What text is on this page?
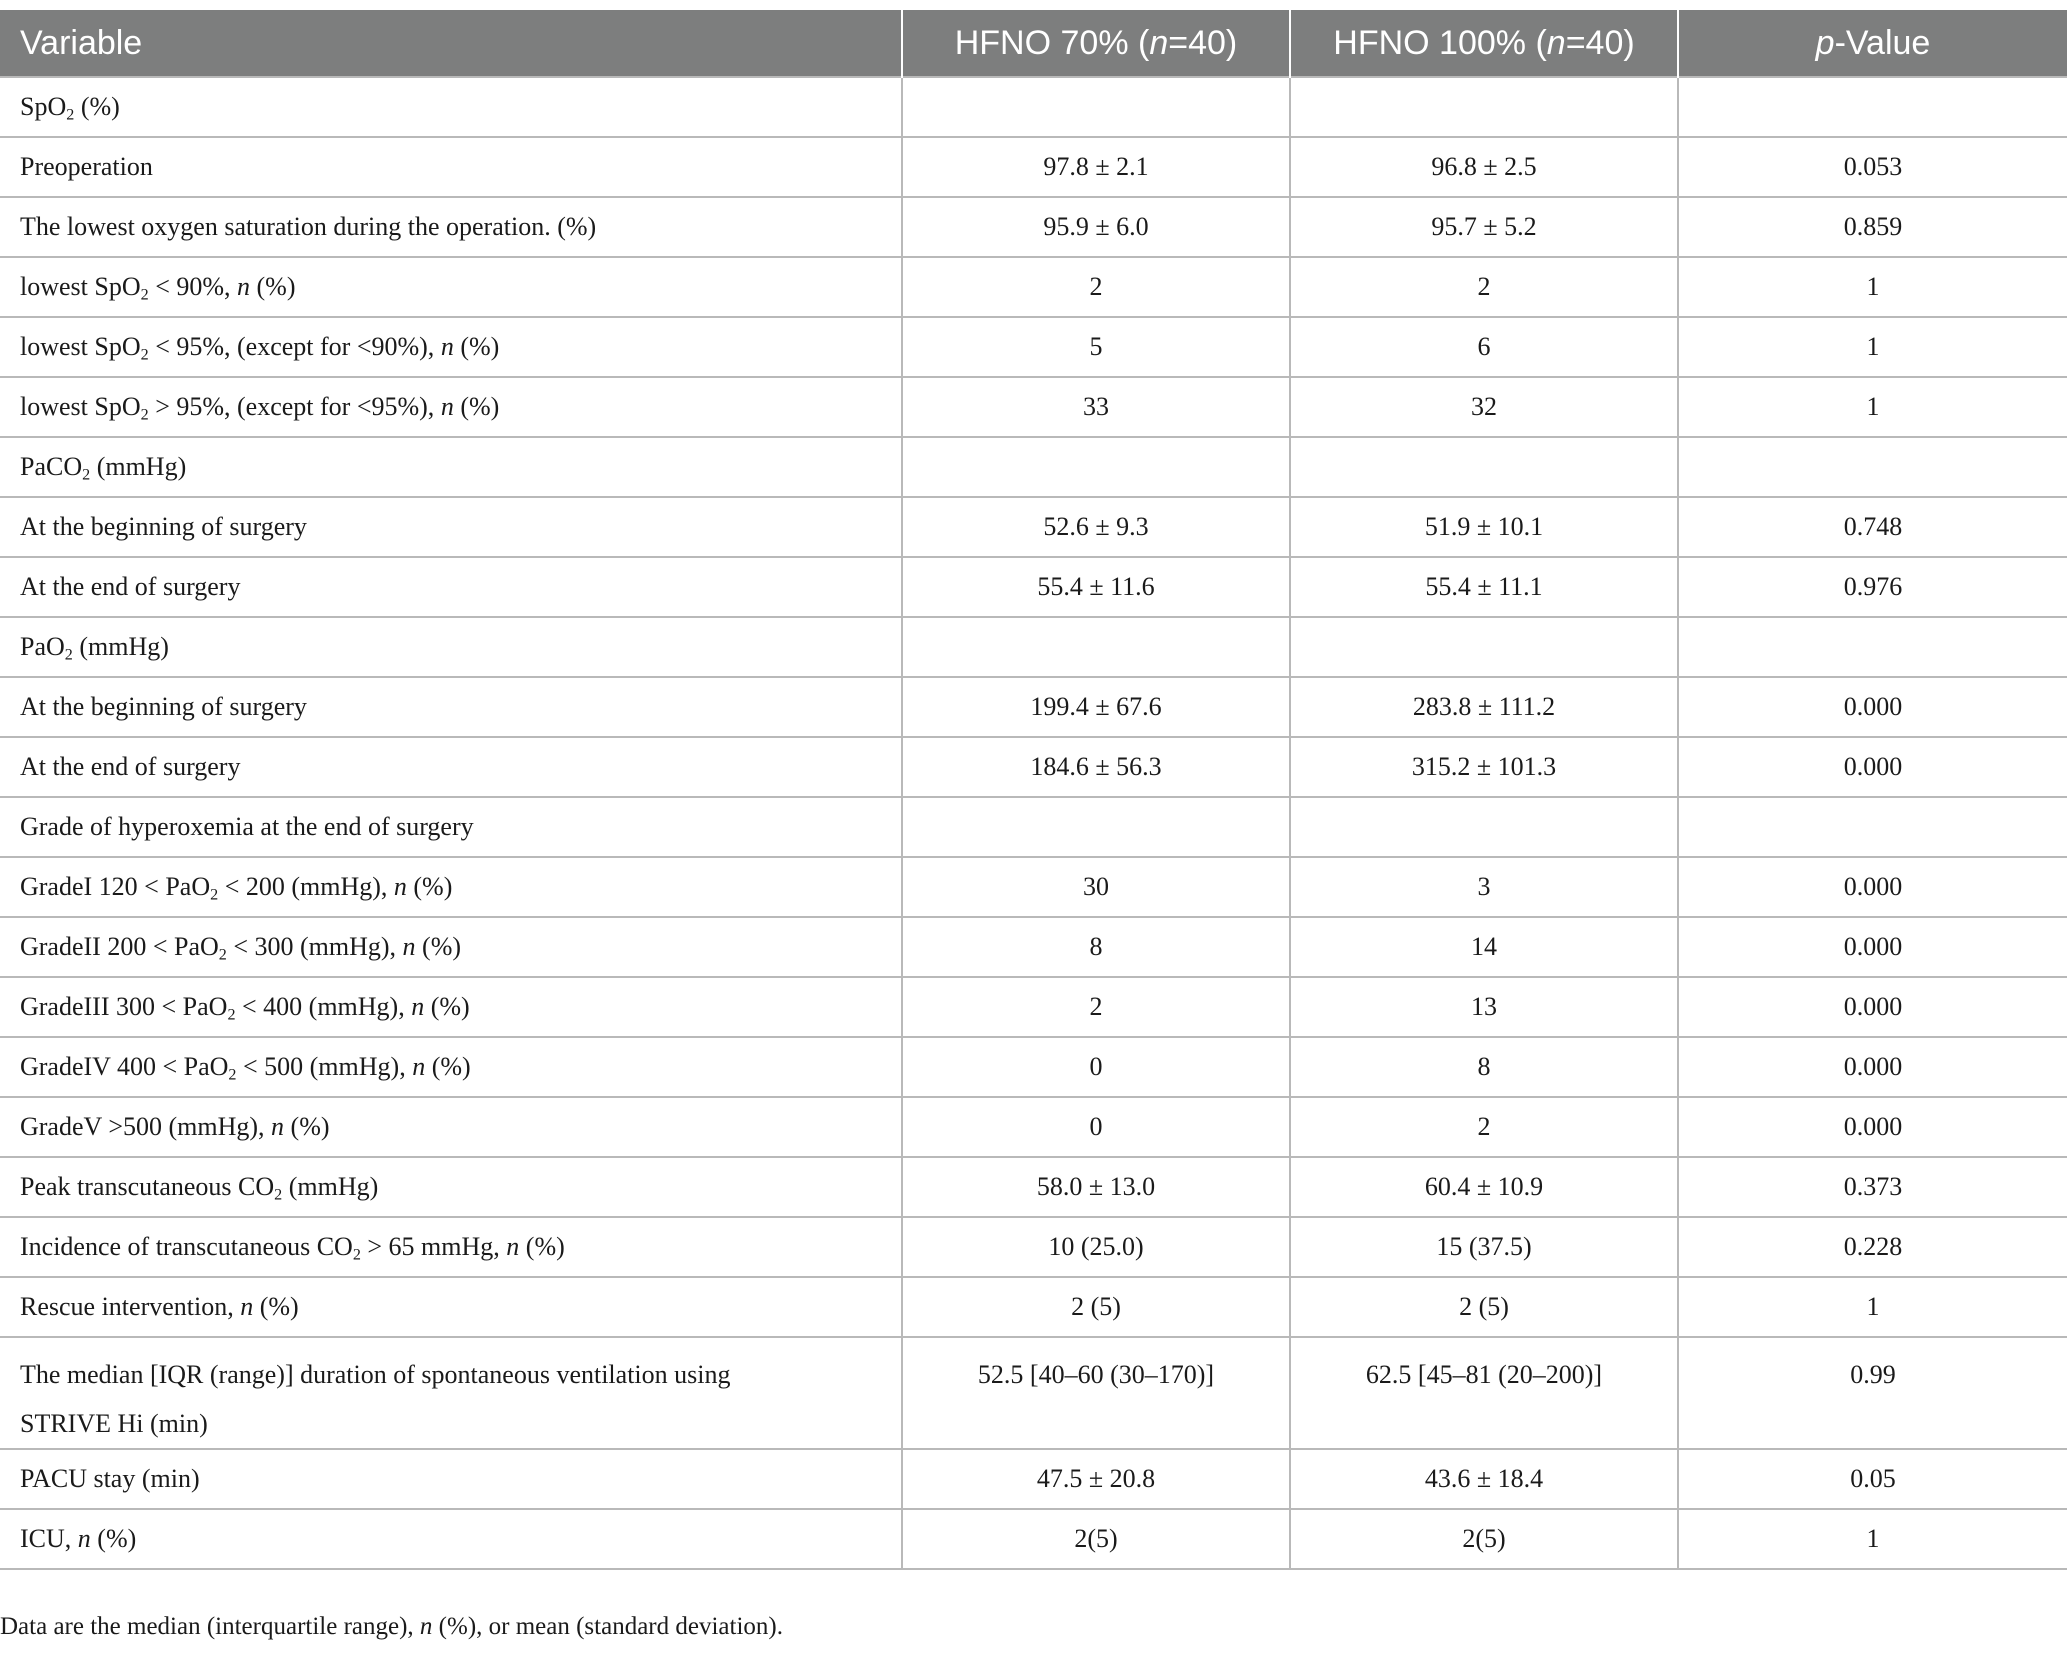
Variable	HFNO 70% (n=40)	HFNO 100% (n=40)	p-Value
SpO$_2$ (%)			
Preoperation	97.8 ± 2.1	96.8 ± 2.5	0.053
The lowest oxygen saturation during the operation. (%)	95.9 ± 6.0	95.7 ± 5.2	0.859
lowest SpO$_2$ < 90%, n (%)	2	2	1
lowest SpO$_2$ < 95%, (except for <90%), n (%)	5	6	1
lowest SpO$_2$ > 95%, (except for <95%), n (%)	33	32	1
PaCO$_2$ (mmHg)			
At the beginning of surgery	52.6 ± 9.3	51.9 ± 10.1	0.748
At the end of surgery	55.4 ± 11.6	55.4 ± 11.1	0.976
PaO$_2$ (mmHg)			
At the beginning of surgery	199.4 ± 67.6	283.8 ± 111.2	0.000
At the end of surgery	184.6 ± 56.3	315.2 ± 101.3	0.000
Grade of hyperoxemia at the end of surgery			
GradeI 120 < PaO$_2$ < 200 (mmHg), n (%)	30	3	0.000
GradeII 200 < PaO$_2$ < 300 (mmHg), n (%)	8	14	0.000
GradeIII 300 < PaO$_2$ < 400 (mmHg), n (%)	2	13	0.000
GradeIV 400 < PaO$_2$ < 500 (mmHg), n (%)	0	8	0.000
GradeV >500 (mmHg), n (%)	0	2	0.000
Peak transcutaneous $CO_2$ (mmHg)	58.0 ± 13.0	60.4 ± 10.9	0.373
Incidence of transcutaneous $CO_2 > 65$ mmHg, n (%)	10 (25.0)	15 (37.5)	0.228
Rescue intervention, n (%)	2 (5)	2 (5)	1
The median [IQR (range)] duration of spontaneous ventilation using
STRIVE Hi (min)	52.5 [40–60 (30–170)]	62.5 [45–81 (20–200)]	0.99
PACU stay (min)	47.5 ± 20.8	43.6 ± 18.4	0.05
ICU, n (%)	2(5)	2(5)	1
Data are the median (interquartile range), n (%), or mean (standard deviation).
